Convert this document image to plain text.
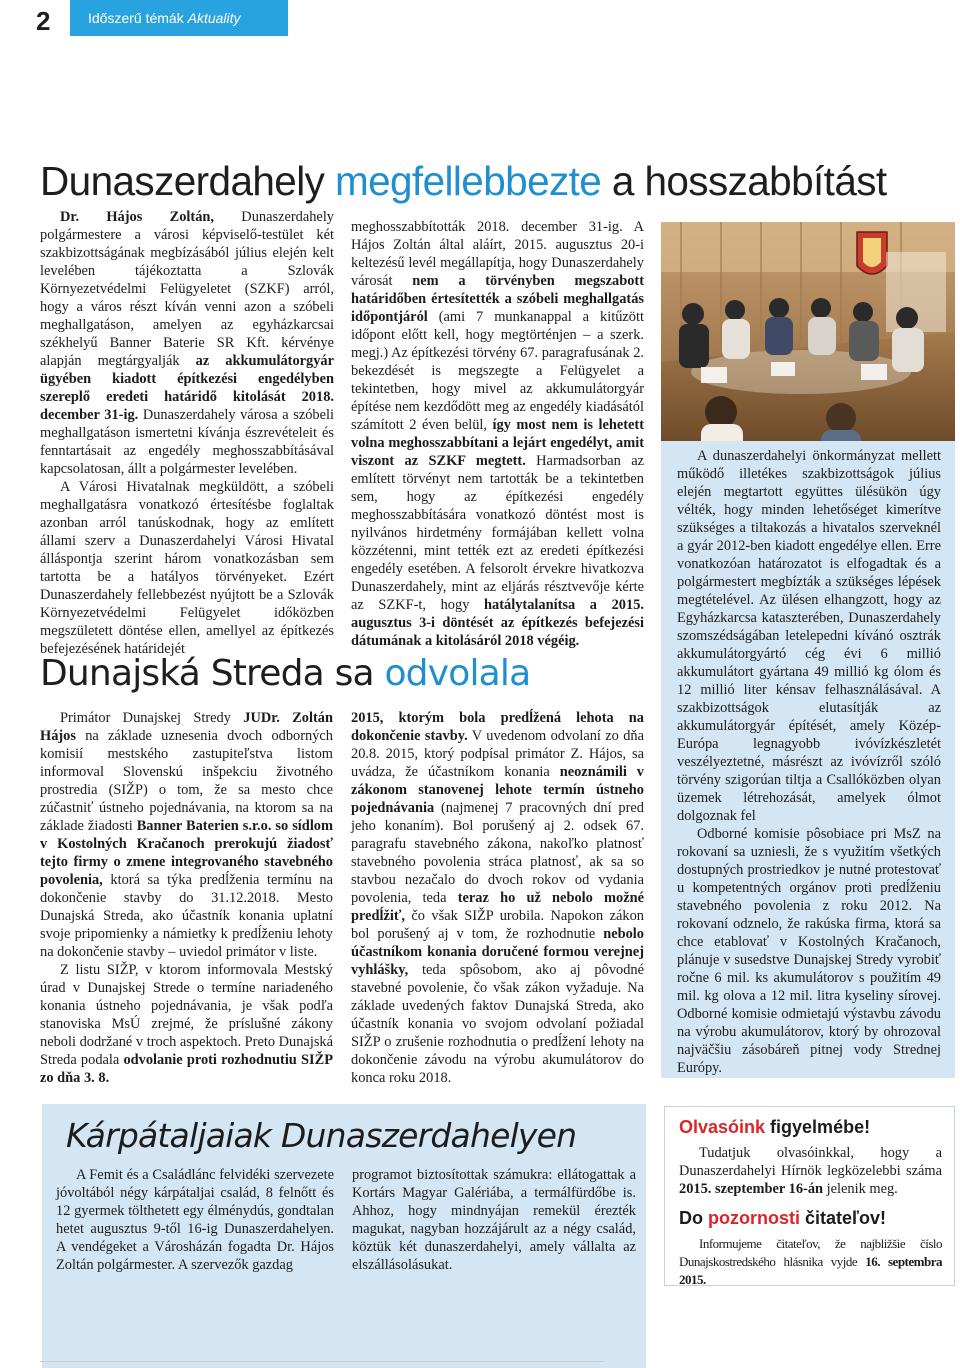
2	Időszerű témák Aktuality
Dunaszerdahely megfellebbezte a hosszabbítást

Dr. Hájos Zoltán, Dunaszerdahely polgármestere a városi képviselő-testület két szakbizottságának megbízásából július elején kelt levelében tájékoztatta a Szlovák Környezetvédelmi Felügyeletet (SZKF) arról, hogy a város részt kíván venni azon a szóbeli meghallgatáson, amelyen az egyházkarcsai székhelyű Banner Baterie SR Kft. kérvénye alapján megtárgyalják az akkumulátorgyár ügyében kiadott építkezési engedélyben szereplő eredeti határidő kitolását 2018. december 31-ig. Dunaszerdahely városa a szóbeli meghallgatáson ismertetni kívánja észrevételeit és fenntartásait az engedély meghosszabbításával kapcsolatosan, állt a polgármester levelében.

A Városi Hivatalnak megküldött, a szóbeli meghallgatásra vonatkozó értesítésbe foglaltak azonban arról tanúskodnak, hogy az említett állami szerv a Dunaszerdahelyi Városi Hivatal álláspontja szerint három vonatkozásban sem tartotta be a hatályos törvényeket. Ezért Dunaszerdahely fellebbezést nyújtott be a Szlovák Környezetvédelmi Felügyelet időközben megszületett döntése ellen, amellyel az építkezés befejezésének határidejét

meghosszabbították 2018. december 31-ig. A Hájos Zoltán által aláírt, 2015. augusztus 20-i keltezésű levél megállapítja, hogy Dunaszerdahely városát nem a törvényben megszabott határidőben értesítették a szóbeli meghallgatás időpontjáról (ami 7 munkanappal a kitűzött időpont előtt kell, hogy megtörténjen – a szerk. megj.) Az építkezési törvény 67. paragrafusának 2. bekezdését is megszegte a Felügyelet a tekintetben, hogy mivel az akkumulátorgyár építése nem kezdődött meg az engedély kiadásától számított 2 éven belül, így most nem is lehetett volna meghosszabbítani a lejárt engedélyt, amit viszont az SZKF megtett. Harmadsorban az említett törvényt nem tartották be a tekintetben sem, hogy az építkezési engedély meghosszabbítására vonatkozó döntést most is nyilvános hirdetmény formájában kellett volna közzétenni, mint tették ezt az eredeti építkezési engedély esetében. A felsorolt érvekre hivatkozva Dunaszerdahely, mint az eljárás résztvevője kérte az SZKF-t, hogy hatálytalanítsa a 2015. augusztus 3-i döntését az építkezés befejezési dátumának a kitolásáról 2018 végéig.

Dunajská Streda sa odvolala

Primátor Dunajskej Stredy JUDr. Zoltán Hájos na základe uznesenia dvoch odborných komisií mestského zastupiteľstva listom informoval Slovenskú inšpekciu životného prostredia (SIŽP) o tom, že sa mesto chce zúčastniť ústneho pojednávania, na ktorom sa na základe žiadosti Banner Baterien s.r.o. so sídlom v Kostolných Kračanoch prerokujú žiadosť tejto firmy o zmene integrovaného stavebného povolenia, ktorá sa týka predĺženia termínu na dokončenie stavby do 31.12.2018. Mesto Dunajská Streda, ako účastník konania uplatní svoje pripomienky a námietky k predĺženiu lehoty na dokončenie stavby – uviedol primátor v liste.

Z listu SIŽP, v ktorom informovala Mestský úrad v Dunajskej Strede o termíne nariadeného konania ústneho pojednávania, je však podľa stanoviska MsÚ zrejmé, že príslušné zákony neboli dodržané v troch aspektoch. Preto Dunajská Streda podala odvolanie proti rozhodnutiu SIŽP zo dňa 3. 8.

2015, ktorým bola predĺžená lehota na dokončenie stavby. V uvedenom odvolaní zo dňa 20.8. 2015, ktorý podpísal primátor Z. Hájos, sa uvádza, že účastníkom konania neoznámili v zákonom stanovenej lehote termín ústneho pojednávania (najmenej 7 pracovných dní pred jeho konaním). Bol porušený aj 2. odsek 67. paragrafu stavebného zákona, nakoľko platnosť stavebného povolenia stráca platnosť, ak sa so stavbou nezačalo do dvoch rokov od vydania povolenia, teda teraz ho už nebolo možné predĺžiť, čo však SIŽP urobila. Napokon zákon bol porušený aj v tom, že rozhodnutie nebolo účastníkom konania doručené formou verejnej vyhlášky, teda spôsobom, ako aj pôvodné stavebné povolenie, čo však zákon vyžaduje. Na základe uvedených faktov Dunajská Streda, ako účastník konania vo svojom odvolaní požiadal SIŽP o zrušenie rozhodnutia o predĺžení lehoty na dokončenie závodu na výrobu akumulátorov do konca roku 2018.

A dunaszerdahelyi önkormányzat mellett működő illetékes szakbizottságok július elején megtartott együttes ülésükön úgy vélték, hogy minden lehetőséget kimerítve szükséges a tiltakozás a hivatalos szerveknél a gyár 2012-ben kiadott engedélye ellen. Erre vonatkozóan határozatot is elfogadtak és a polgármestert megbízták a szükséges lépések megtételével. Az ülésen elhangzott, hogy az Egyházkarcsa kataszterében, Dunaszerdahely szomszédságában letelepedni kívánó osztrák akkumulátorgyártó cég évi 6 millió akkumulátort gyártana 49 millió kg ólom és 12 millió liter kénsav felhasználásával. A szakbizottságok elutasítják az akkumulátorgyár építését, amely Közép-Európa legnagyobb ivóvízkészletét veszélyeztetné, másrészt az ivóvízről szóló törvény szigorúan tiltja a Csallóközben olyan üzemek létrehozását, amelyek ólmot dolgoznak fel

Odborné komisie pôsobiace pri MsZ na rokovaní sa uzniesli, že s využitím všetkých dostupných prostriedkov je nutné protestovať u kompetentných orgánov proti predĺženiu stavebného povolenia z roku 2012. Na rokovaní odznelo, že rakúska firma, ktorá sa chce etablovať v Kostolných Kračanoch, plánuje v susedstve Dunajskej Stredy vyrobiť ročne 6 mil. ks akumulátorov s použitím 49 mil. kg olova a 12 mil. litra kyseliny sírovej. Odborné komisie odmietajú výstavbu závodu na výrobu akumulátorov, ktorý by ohrozoval najväčšiu zásobáreň pitnej vody Strednej Európy.

Kárpátaljaiak Dunaszerdahelyen

A Femit és a Családlánc felvidéki szervezete jóvoltából négy kárpátaljai család, 8 felnőtt és 12 gyermek tölthetett egy élménydús, gondtalan hetet augusztus 9-től 16-ig Dunaszerdahelyen. A vendégeket a Városházán fogadta Dr. Hájos Zoltán polgármester. A szervezők gazdag

programot biztosítottak számukra: ellátogattak a Kortárs Magyar Galériába, a termálfürdőbe is. Ahhoz, hogy mindnyájan remekül érezték magukat, nagyban hozzájárult az a négy család, köztük két dunaszerdahelyi, amely vállalta az elszállásolásukat.

Olvasóink figyelmébe!

Tudatjuk olvasóinkkal, hogy a Dunaszerdahelyi Hírnök legközelebbi száma 2015. szeptember 16-án jelenik meg.

Do pozornosti čitateľov!

Informujeme čitateľov, že najbližšie číslo Dunajskostredského hlásnika vyjde 16. septembra 2015.
